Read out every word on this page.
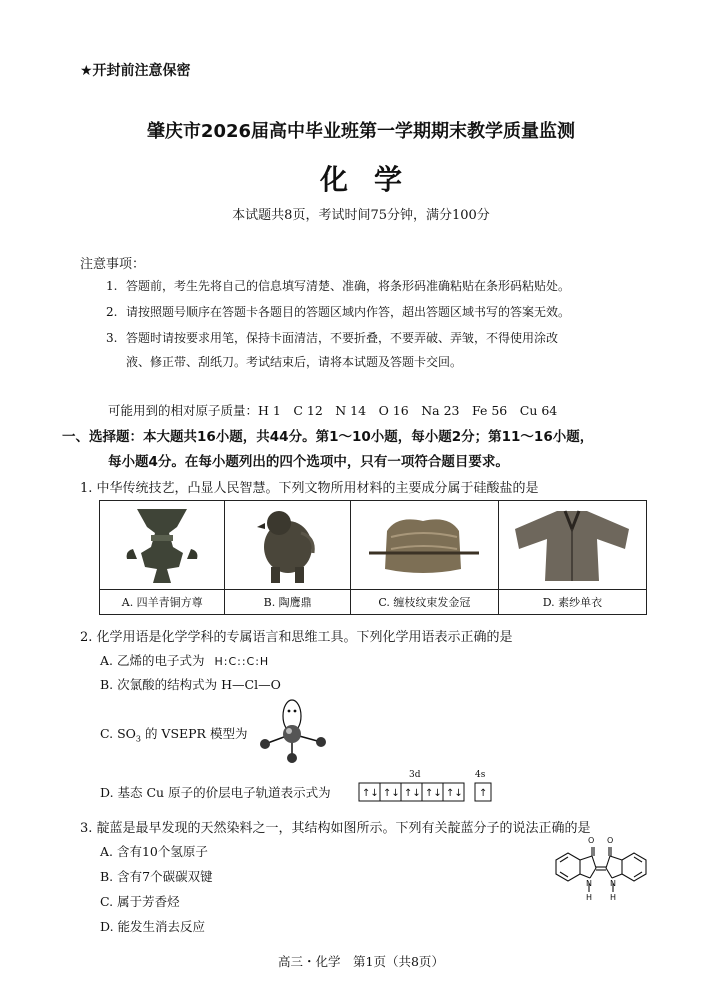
★开封前注意保密
肇庆市2026届高中毕业班第一学期期末教学质量监测
化学
本试题共8页，考试时间75分钟，满分100分
注意事项：
1. 答题前，考生先将自己的信息填写清楚、准确，将条形码准确粘贴在条形码粘贴处。
2. 请按照题号顺序在答题卡各题目的答题区域内作答，超出答题区域书写的答案无效。
3. 答题时请按要求用笔，保持卡面清洁，不要折叠，不要弄破、弄皱，不得使用涂改
液、修正带、刮纸刀。考试结束后，请将本试题及答题卡交回。
可能用到的相对原子质量：H 1　C 12　N 14　O 16　Na 23　Fe 56　Cu 64
一、选择题：本大题共16小题，共44分。第1～10小题，每小题2分；第11～16小题，
每小题4分。在每小题列出的四个选项中，只有一项符合题目要求。
1. 中华传统技艺，凸显人民智慧。下列文物所用材料的主要成分属于硅酸盐的是

A. 四羊青铜方尊	B. 陶鹰鼎	C. 缠枝纹束发金冠	D. 素纱单衣
2. 化学用语是化学学科的专属语言和思维工具。下列化学用语表示正确的是
A. 乙烯的电子式为 H:C::C:H
B. 次氯酸的结构式为 H—Cl—O
C. $SO_3$ 的 VSEPR 模型为
D. 基态 Cu 原子的价层电子轨道表示式为
3d	4s
↑↓ ↑↓ ↑↓ ↑↓ ↑↓ ↑
3. 靛蓝是最早发现的天然染料之一，其结构如图所示。下列有关靛蓝分子的说法正确的是
A. 含有10个氢原子
B. 含有7个碳碳双键
C. 属于芳香烃
D. 能发生消去反应
O O
N N
H H
高三・化学　第1页（共8页）
